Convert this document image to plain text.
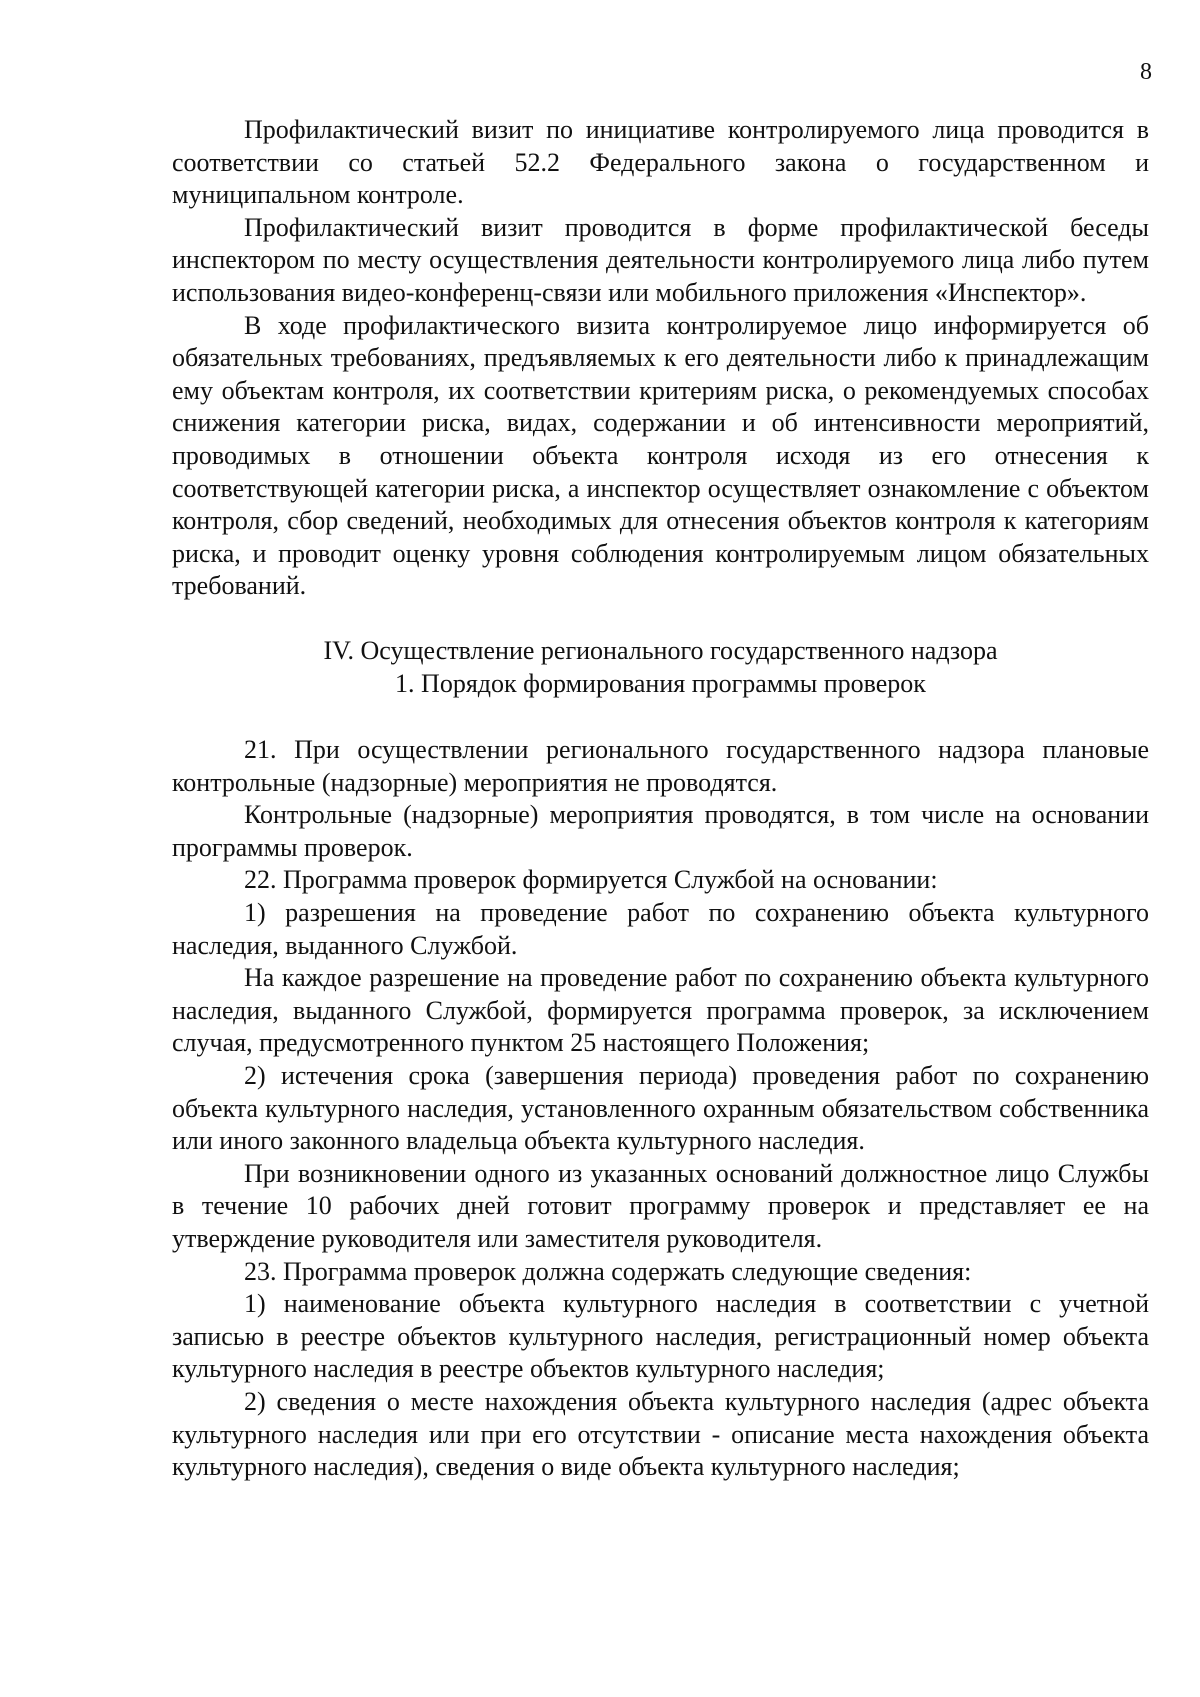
8

Профилактический визит по инициативе контролируемого лица проводится в соответствии со статьей 52.2 Федерального закона о государственном и муниципальном контроле.

Профилактический визит проводится в форме профилактической беседы инспектором по месту осуществления деятельности контролируемого лица либо путем использования видео-конференц-связи или мобильного приложения «Инспектор».

В ходе профилактического визита контролируемое лицо информируется об обязательных требованиях, предъявляемых к его деятельности либо к принадлежащим ему объектам контроля, их соответствии критериям риска, о рекомендуемых способах снижения категории риска, видах, содержании и об интенсивности мероприятий, проводимых в отношении объекта контроля исходя из его отнесения к соответствующей категории риска, а инспектор осуществляет ознакомление с объектом контроля, сбор сведений, необходимых для отнесения объектов контроля к категориям риска, и проводит оценку уровня соблюдения контролируемым лицом обязательных требований.

IV. Осуществление регионального государственного надзора
1. Порядок формирования программы проверок

21. При осуществлении регионального государственного надзора плановые контрольные (надзорные) мероприятия не проводятся.

Контрольные (надзорные) мероприятия проводятся, в том числе на основании программы проверок.

22. Программа проверок формируется Службой на основании:

1) разрешения на проведение работ по сохранению объекта культурного наследия, выданного Службой.

На каждое разрешение на проведение работ по сохранению объекта культурного наследия, выданного Службой, формируется программа проверок, за исключением случая, предусмотренного пунктом 25 настоящего Положения;

2) истечения срока (завершения периода) проведения работ по сохранению объекта культурного наследия, установленного охранным обязательством собственника или иного законного владельца объекта культурного наследия.

При возникновении одного из указанных оснований должностное лицо Службы в течение 10 рабочих дней готовит программу проверок и представляет ее на утверждение руководителя или заместителя руководителя.

23. Программа проверок должна содержать следующие сведения:

1) наименование объекта культурного наследия в соответствии с учетной записью в реестре объектов культурного наследия, регистрационный номер объекта культурного наследия в реестре объектов культурного наследия;

2) сведения о месте нахождения объекта культурного наследия (адрес объекта культурного наследия или при его отсутствии - описание места нахождения объекта культурного наследия), сведения о виде объекта культурного наследия;
